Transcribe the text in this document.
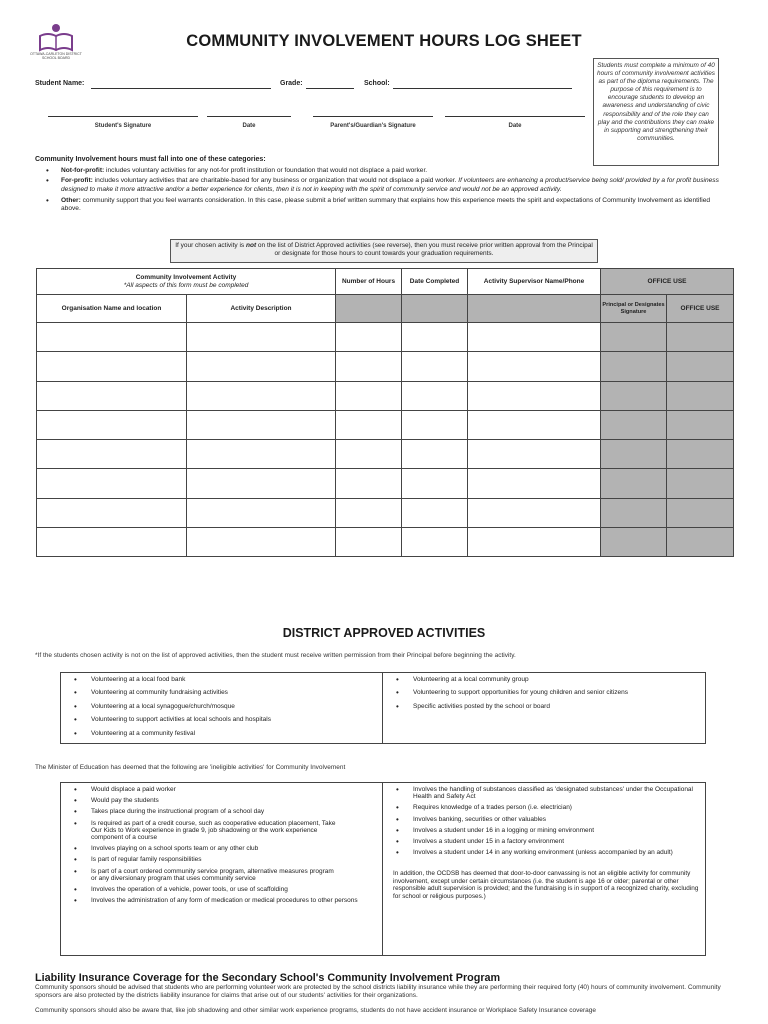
OTTAWA-CARLETON DISTRICT SCHOOL BOARD
COMMUNITY INVOLVEMENT HOURS LOG SHEET
Students must complete a minimum of 40 hours of community involvement activities as part of the diploma requirements. The purpose of this requirement is to encourage students to develop an awareness and understanding of civic responsibility and of the role they can play and the contributions they can make in supporting and strengthening their communities.
Student Name:	Grade:	School:
Student's Signature	Date	Parent's/Guardian's Signature	Date
Community Involvement hours must fall into one of these categories:
• Not-for-profit: includes voluntary activities for any not-for profit institution or foundation that would not displace a paid worker.
• For-profit: includes voluntary activities that are charitable-based for any business or organization that would not displace a paid worker. If volunteers are enhancing a product/service being sold/ provided by a for profit business designed to make it more attractive and/or a better experience for clients, then it is not in keeping with the spirit of community service and would not be an approved activity.
• Other: community support that you feel warrants consideration. In this case, please submit a brief written summary that explains how this experience meets the spirit and expectations of Community Involvement as identified above.
If your chosen activity is not on the list of District Approved activities (see reverse), then you must receive prior written approval from the Principal or designate for those hours to count towards your graduation requirements.
Community Involvement Activity
*All aspects of this form must be completed		Number of Hours	Date Completed	Activity Supervisor Name/Phone	OFFICE USE	
Organisation Name and location	Activity Description				Principal or Designates Signature	OFFICE USE

DISTRICT APPROVED ACTIVITIES
*If the students chosen activity is not on the list of approved activities, then the student must receive written permission from their Principal before beginning the activity.
• Volunteering at a local food bank
• Volunteering at community fundraising activities
• Volunteering at a local synagogue/church/mosque
• Volunteering to support activities at local schools and hospitals
• Volunteering at a community festival
• Volunteering at a local community group
• Volunteering to support opportunities for young children and senior citizens
• Specific activities posted by the school or board
The Minister of Education has deemed that the following are 'ineligible activities' for Community Involvement
• Would displace a paid worker
• Would pay the students
• Takes place during the instructional program of a school day
• Is required as part of a credit course, such as cooperative education placement, Take Our Kids to Work experience in grade 9, job shadowing or the work experience component of a course
• Involves playing on a school sports team or any other club
• Is part of regular family responsibilities
• Is part of a court ordered community service program, alternative measures program or any diversionary program that uses community service
• Involves the operation of a vehicle, power tools, or use of scaffolding
• Involves the administration of any form of medication or medical procedures to other persons
• Involves the handling of substances classified as 'designated substances' under the Occupational Health and Safety Act
• Requires knowledge of a trades person (i.e. electrician)
• Involves banking, securities or other valuables
• Involves a student under 16 in a logging or mining environment
• Involves a student under 15 in a factory environment
• Involves a student under 14 in any working environment (unless accompanied by an adult)
In addition, the OCDSB has deemed that door-to-door canvassing is not an eligible activity for community involvement, except under certain circumstances (i.e. the student is age 16 or older; parental or other responsible adult supervision is provided; and the fundraising is in support of a recognized charity, excluding for school or religious purposes.)
Liability Insurance Coverage for the Secondary School's Community Involvement Program
Community sponsors should be advised that students who are performing volunteer work are protected by the school districts liability insurance while they are performing their required forty (40) hours of community involvement. Community sponsors are also protected by the districts liability insurance for claims that arise out of our students' activities for their organizations.
Community sponsors should also be aware that, like job shadowing and other similar work experience programs, students do not have accident insurance or Workplace Safety Insurance coverage
